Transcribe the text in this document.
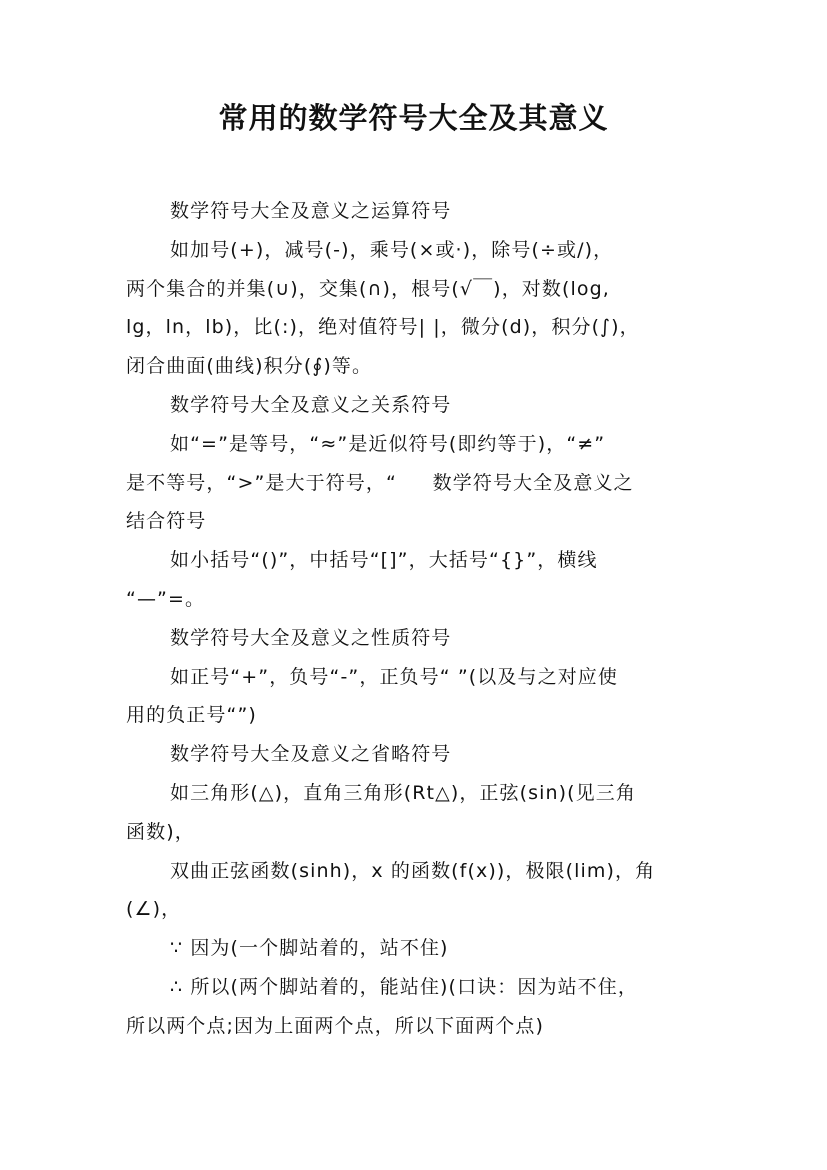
常用的数学符号大全及其意义
数学符号大全及意义之运算符号
如加号(+)，减号(-)，乘号(×或·)，除号(÷或/)，
两个集合的并集(∪)，交集(∩)，根号(√￣)，对数(log,
lg，ln，lb)，比(:)，绝对值符号| |，微分(d)，积分(∫)，
闭合曲面(曲线)积分(∮)等。
数学符号大全及意义之关系符号
如“=”是等号，“≈”是近似符号(即约等于)，“≠”
是不等号，“>”是大于符号，“     数学符号大全及意义之
结合符号
如小括号“()”，中括号“[]”，大括号“{}”，横线
“—”=。
数学符号大全及意义之性质符号
如正号“+”，负号“-”，正负号“ ”(以及与之对应使
用的负正号“”)
数学符号大全及意义之省略符号
如三角形(△)，直角三角形(Rt△)，正弦(sin)(见三角
函数)，
双曲正弦函数(sinh)，x 的函数(f(x))，极限(lim)，角
(∠)，
∵ 因为(一个脚站着的，站不住)
∴ 所以(两个脚站着的，能站住)(口诀：因为站不住，
所以两个点;因为上面两个点，所以下面两个点)
